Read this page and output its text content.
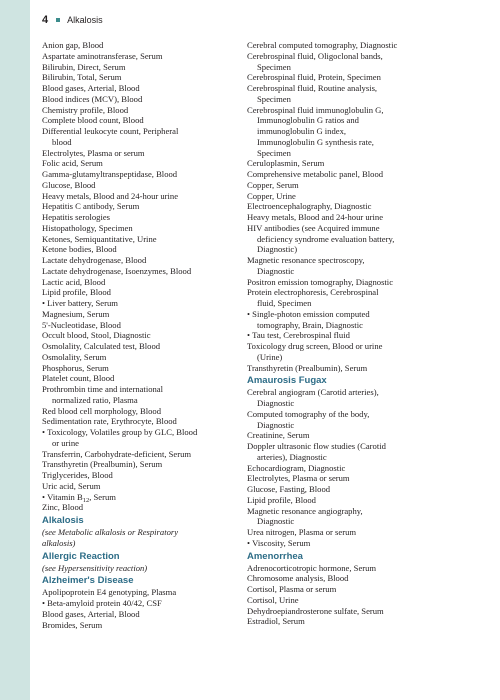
4 Alkalosis
Anion gap, Blood
Aspartate aminotransferase, Serum
Bilirubin, Direct, Serum
Bilirubin, Total, Serum
Blood gases, Arterial, Blood
Blood indices (MCV), Blood
Chemistry profile, Blood
Complete blood count, Blood
Differential leukocyte count, Peripheral
blood
Electrolytes, Plasma or serum
Folic acid, Serum
Gamma-glutamyltranspeptidase, Blood
Glucose, Blood
Heavy metals, Blood and 24-hour urine
Hepatitis C antibody, Serum
Hepatitis serologies
Histopathology, Specimen
Ketones, Semiquantitative, Urine
Ketone bodies, Blood
Lactate dehydrogenase, Blood
Lactate dehydrogenase, Isoenzymes, Blood
Lactic acid, Blood
Lipid profile, Blood
• Liver battery, Serum
Magnesium, Serum
5'-Nucleotidase, Blood
Occult blood, Stool, Diagnostic
Osmolality, Calculated test, Blood
Osmolality, Serum
Phosphorus, Serum
Platelet count, Blood
Prothrombin time and international
normalized ratio, Plasma
Red blood cell morphology, Blood
Sedimentation rate, Erythrocyte, Blood
• Toxicology, Volatiles group by GLC, Blood
or urine
Transferrin, Carbohydrate-deficient, Serum
Transthyretin (Prealbumin), Serum
Triglycerides, Blood
Uric acid, Serum
• Vitamin $B_{12}$, Serum
Zinc, Blood
Alkalosis
(see Metabolic alkalosis or Respiratory
alkalosis)
Allergic Reaction
(see Hypersensitivity reaction)
Alzheimer's Disease
Apolipoprotein E4 genotyping, Plasma
• Beta-amyloid protein 40/42, CSF
Blood gases, Arterial, Blood
Bromides, Serum
Cerebral computed tomography, Diagnostic
Cerebrospinal fluid, Oligoclonal bands,
Specimen
Cerebrospinal fluid, Protein, Specimen
Cerebrospinal fluid, Routine analysis,
Specimen
Cerebrospinal fluid immunoglobulin G,
Immunoglobulin G ratios and
immunoglobulin G index,
Immunoglobulin G synthesis rate,
Specimen
Ceruloplasmin, Serum
Comprehensive metabolic panel, Blood
Copper, Serum
Copper, Urine
Electroencephalography, Diagnostic
Heavy metals, Blood and 24-hour urine
HIV antibodies (see Acquired immune
deficiency syndrome evaluation battery,
Diagnostic)
Magnetic resonance spectroscopy,
Diagnostic
Positron emission tomography, Diagnostic
Protein electrophoresis, Cerebrospinal
fluid, Specimen
• Single-photon emission computed
tomography, Brain, Diagnostic
• Tau test, Cerebrospinal fluid
Toxicology drug screen, Blood or urine
(Urine)
Transthyretin (Prealbumin), Serum
Amaurosis Fugax
Cerebral angiogram (Carotid arteries),
Diagnostic
Computed tomography of the body,
Diagnostic
Creatinine, Serum
Doppler ultrasonic flow studies (Carotid
arteries), Diagnostic
Echocardiogram, Diagnostic
Electrolytes, Plasma or serum
Glucose, Fasting, Blood
Lipid profile, Blood
Magnetic resonance angiography,
Diagnostic
Urea nitrogen, Plasma or serum
• Viscosity, Serum
Amenorrhea
Adrenocorticotropic hormone, Serum
Chromosome analysis, Blood
Cortisol, Plasma or serum
Cortisol, Urine
Dehydroepiandrosterone sulfate, Serum
Estradiol, Serum
